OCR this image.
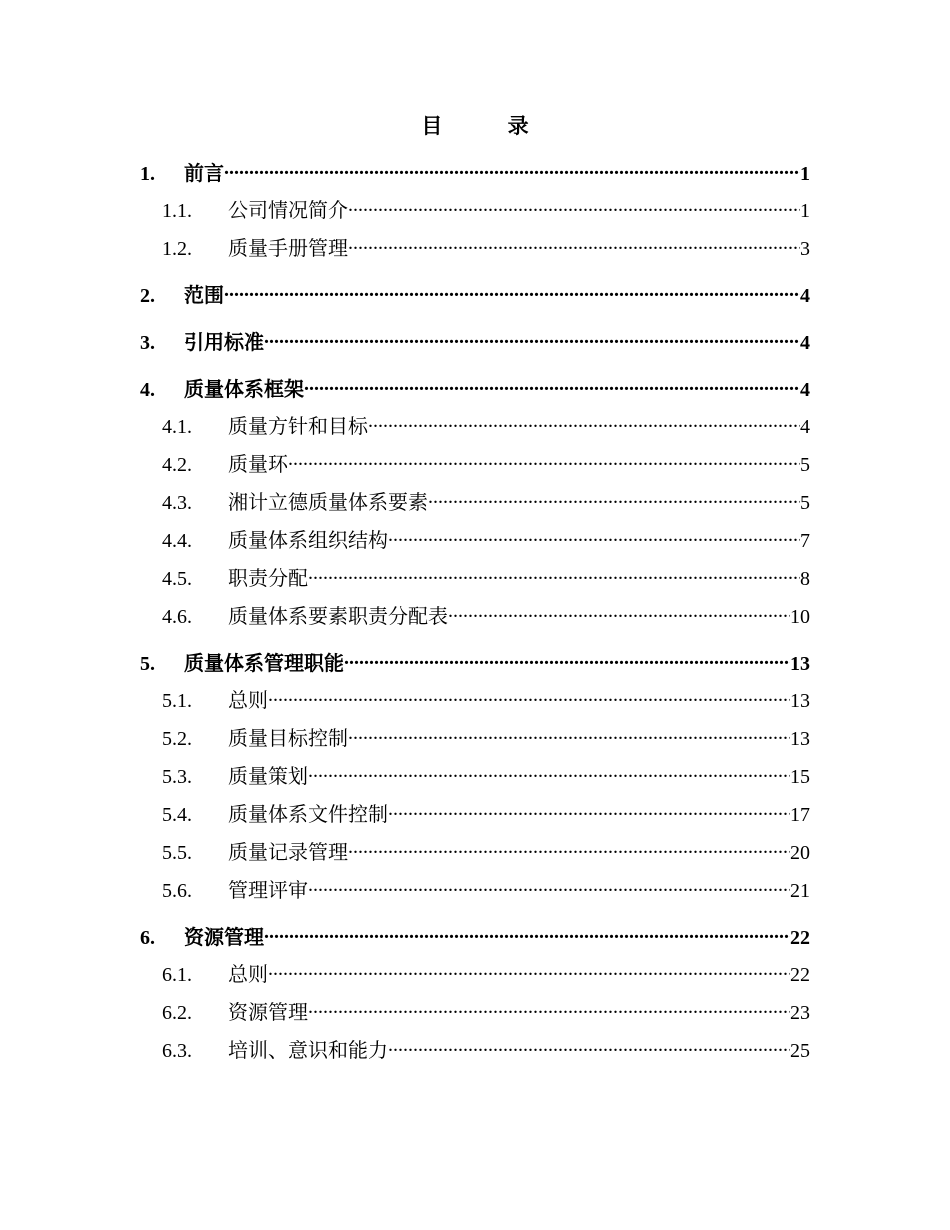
目 录
1.	前言 .....	1
1.1.	公司情况简介 .....	1
1.2.	质量手册管理 .....	3
2.	范围 .....	4
3.	引用标准 .....	4
4.	质量体系框架 .....	4
4.1.	质量方针和目标 .....	4
4.2.	质量环 .....	5
4.3.	湘计立德质量体系要素 .....	5
4.4.	质量体系组织结构 .....	7
4.5.	职责分配 .....	8
4.6.	质量体系要素职责分配表 .....	10
5.	质量体系管理职能 .....	13
5.1.	总则 .....	13
5.2.	质量目标控制 .....	13
5.3.	质量策划 .....	15
5.4.	质量体系文件控制 .....	17
5.5.	质量记录管理 .....	20
5.6.	管理评审 .....	21
6.	资源管理 .....	22
6.1.	总则 .....	22
6.2.	资源管理 .....	23
6.3.	培训、意识和能力 .....	25
